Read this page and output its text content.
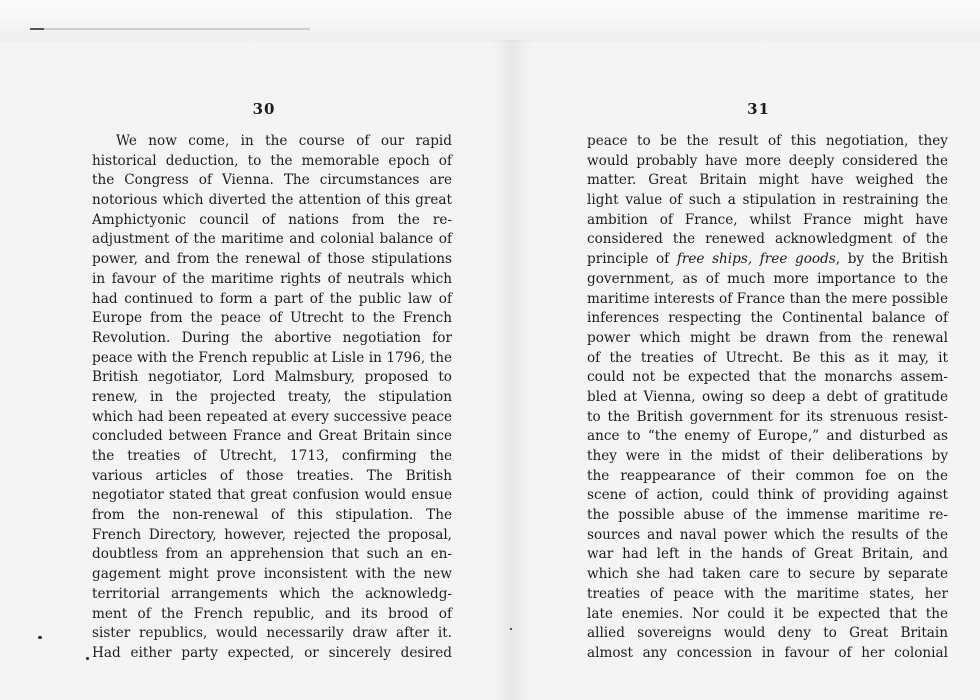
30
We now come, in the course of our rapid
historical deduction, to the memorable epoch of
the Congress of Vienna. The circumstances are
notorious which diverted the attention of this great
Amphictyonic council of nations from the re-
adjustment of the maritime and colonial balance of
power, and from the renewal of those stipulations
in favour of the maritime rights of neutrals which
had continued to form a part of the public law of
Europe from the peace of Utrecht to the French
Revolution. During the abortive negotiation for
peace with the French republic at Lisle in 1796, the
British negotiator, Lord Malmsbury, proposed to
renew, in the projected treaty, the stipulation
which had been repeated at every successive peace
concluded between France and Great Britain since
the treaties of Utrecht, 1713, confirming the
various articles of those treaties. The British
negotiator stated that great confusion would ensue
from the non-renewal of this stipulation. The
French Directory, however, rejected the proposal,
doubtless from an apprehension that such an en-
gagement might prove inconsistent with the new
territorial arrangements which the acknowledg-
ment of the French republic, and its brood of
sister republics, would necessarily draw after it.
Had either party expected, or sincerely desired
31
peace to be the result of this negotiation, they
would probably have more deeply considered the
matter. Great Britain might have weighed the
light value of such a stipulation in restraining the
ambition of France, whilst France might have
considered the renewed acknowledgment of the
principle of free ships, free goods, by the British
government, as of much more importance to the
maritime interests of France than the mere possible
inferences respecting the Continental balance of
power which might be drawn from the renewal
of the treaties of Utrecht. Be this as it may, it
could not be expected that the monarchs assem-
bled at Vienna, owing so deep a debt of gratitude
to the British government for its strenuous resist-
ance to “the enemy of Europe,” and disturbed as
they were in the midst of their deliberations by
the reappearance of their common foe on the
scene of action, could think of providing against
the possible abuse of the immense maritime re-
sources and naval power which the results of the
war had left in the hands of Great Britain, and
which she had taken care to secure by separate
treaties of peace with the maritime states, her
late enemies. Nor could it be expected that the
allied sovereigns would deny to Great Britain
almost any concession in favour of her colonial
